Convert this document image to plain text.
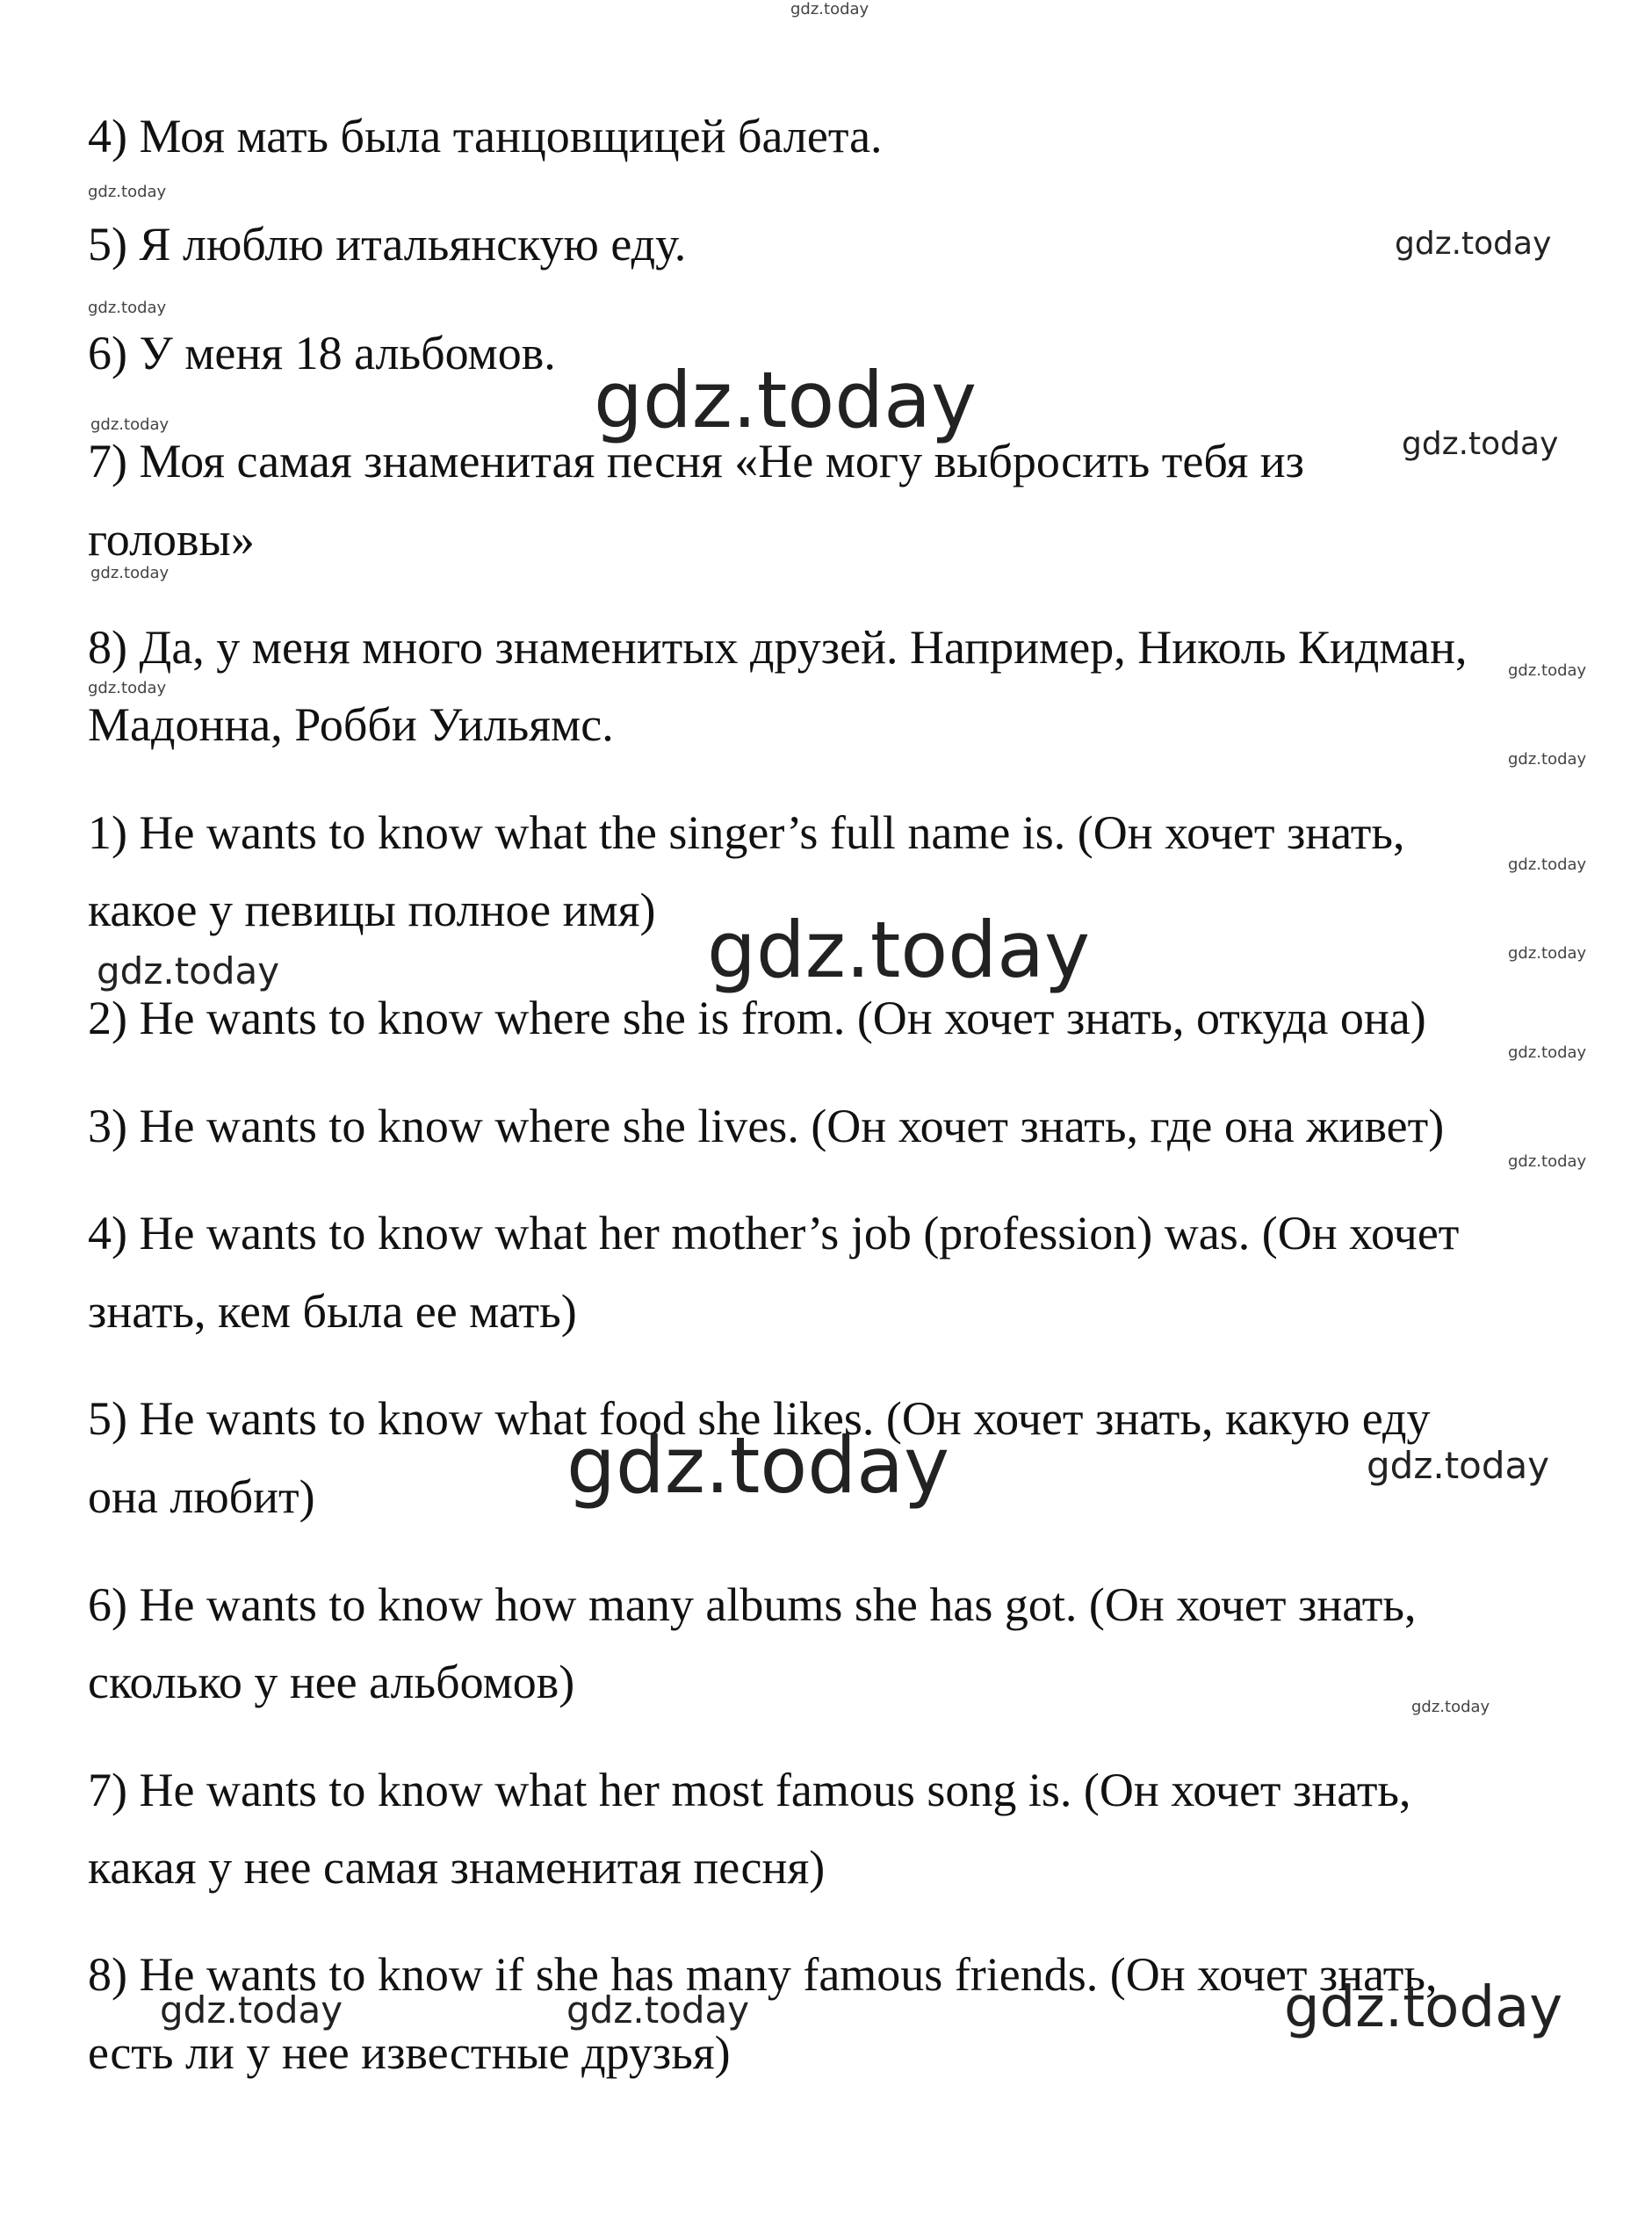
4) Моя мать была танцовщицей балета.

5) Я люблю итальянскую еду.

6) У меня 18 альбомов.

7) Моя самая знаменитая песня «Не могу выбросить тебя из

головы»

8) Да, у меня много знаменитых друзей. Например, Николь Кидман,

Мадонна, Робби Уильямс.

1) He wants to know what the singer’s full name is. (Он хочет знать,

какое у певицы полное имя)

2) He wants to know where she is from. (Он хочет знать, откуда она)

3) He wants to know where she lives. (Он хочет знать, где она живет)

4) He wants to know what her mother’s job (profession) was. (Он хочет

знать, кем была ее мать)

5) He wants to know what food she likes. (Он хочет знать, какую еду

она любит)

6) He wants to know how many albums she has got. (Он хочет знать,

сколько у нее альбомов)

7) He wants to know what her most famous song is. (Он хочет знать,

какая у нее самая знаменитая песня)

8) He wants to know if she has many famous friends. (Он хочет знать,

есть ли у нее известные друзья)

gdz.today
gdz.today
gdz.today
gdz.today
gdz.today
gdz.today
gdz.today
gdz.today
gdz.today
gdz.today
gdz.today
gdz.today
gdz.today
gdz.today	gdz.today
gdz.today
gdz.today
gdz.today	gdz.today
gdz.today
gdz.today	gdz.today	gdz.today
